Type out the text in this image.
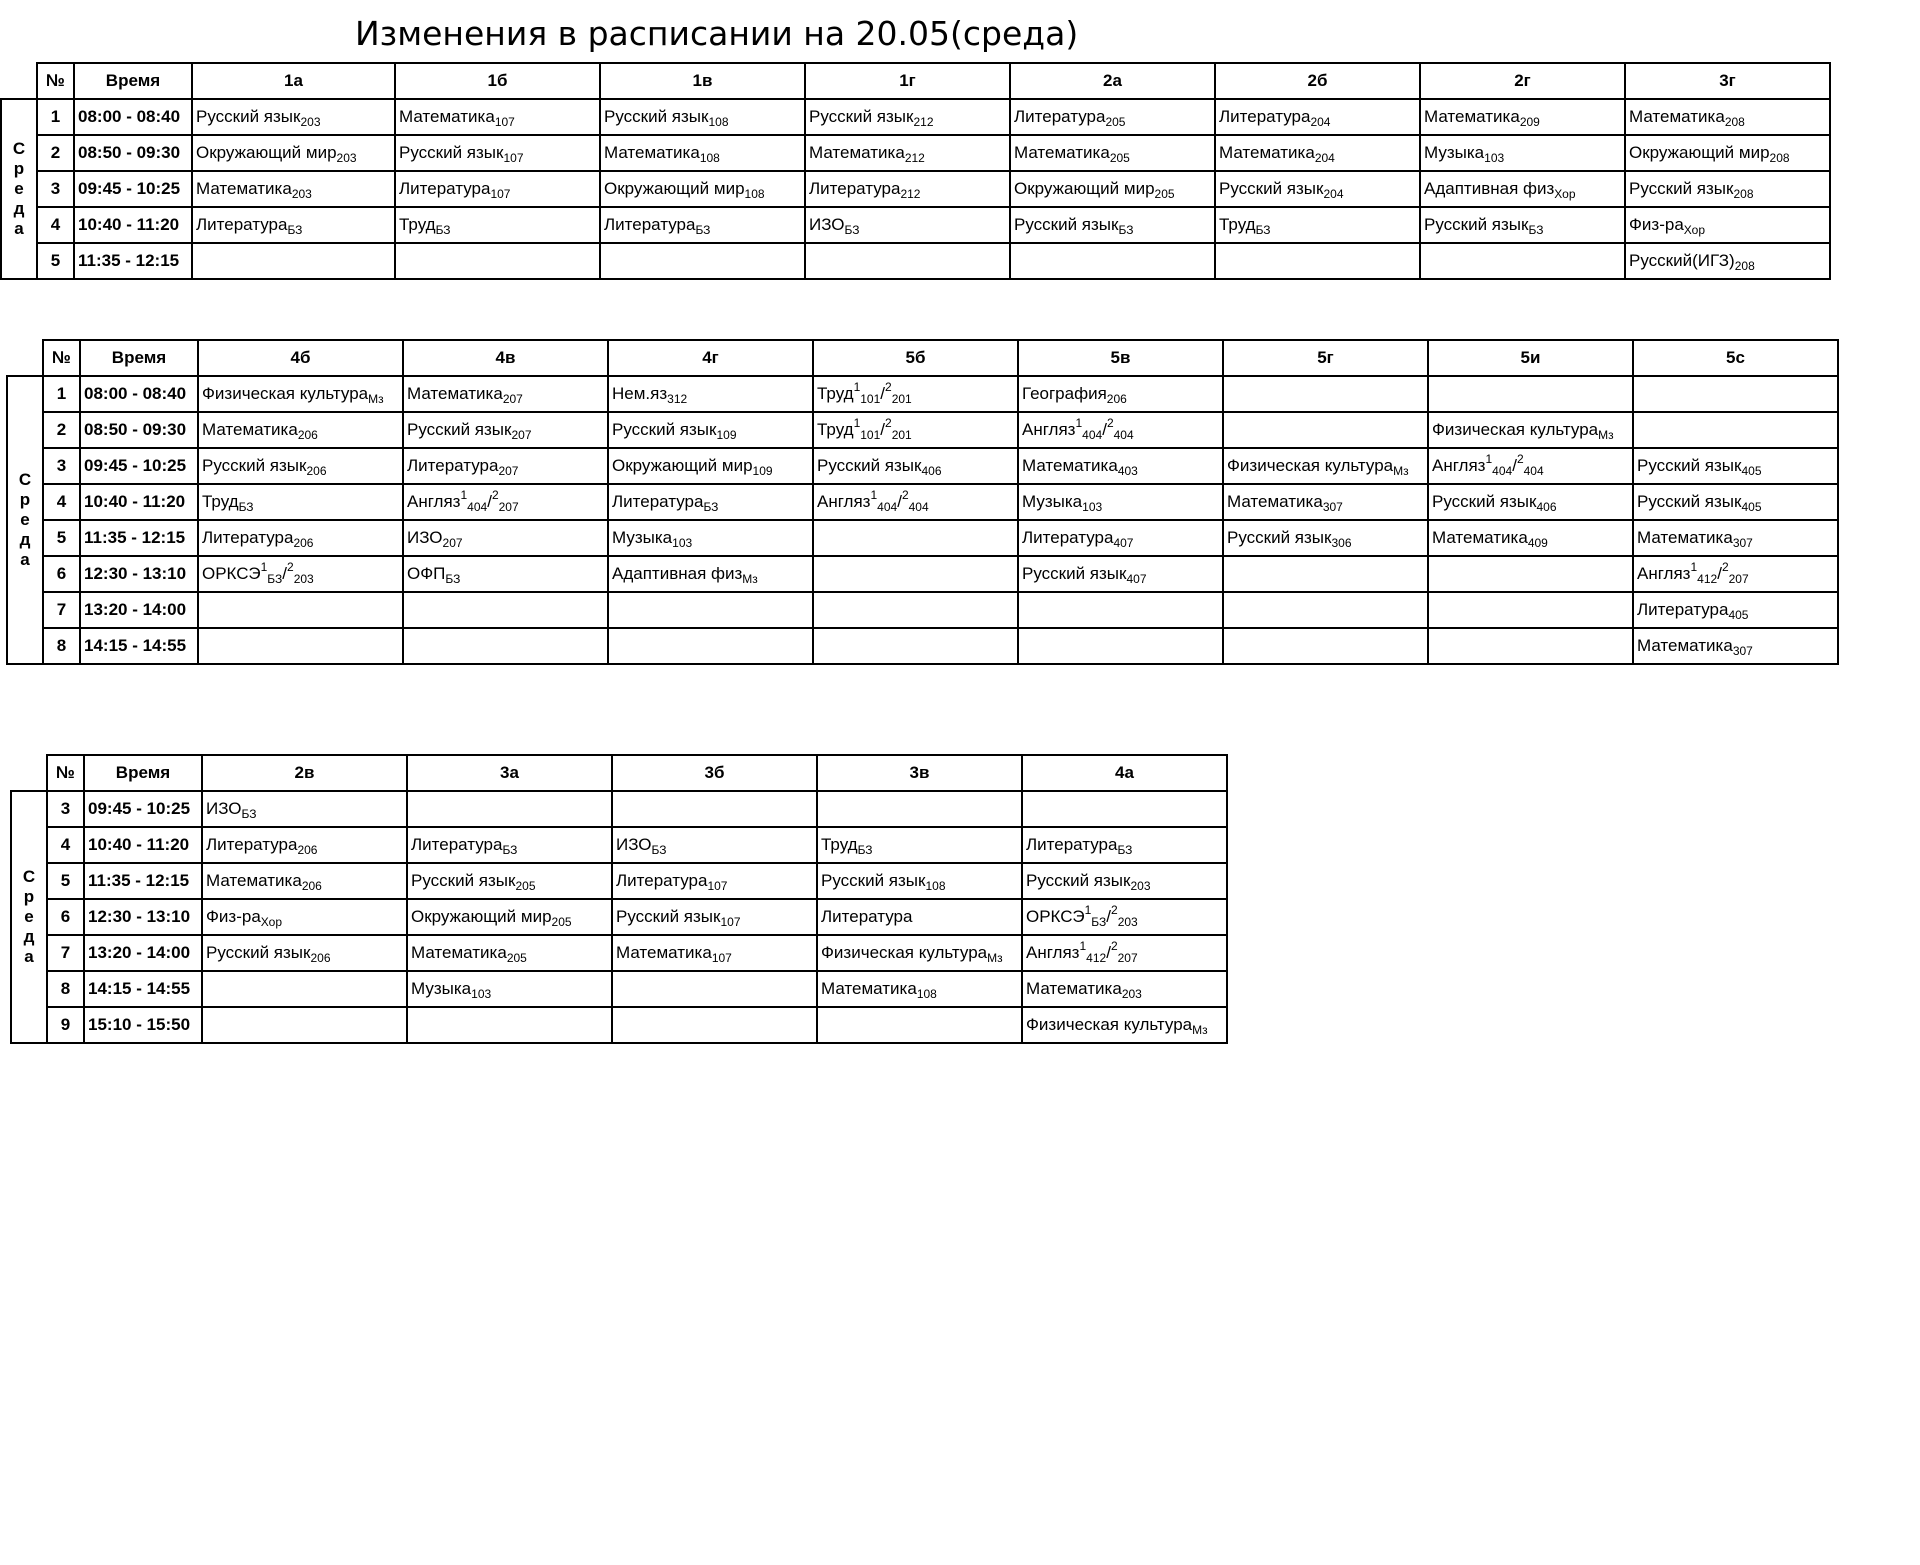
Изменения в расписании на 20.05(среда)
	№	Время	1а	1б	1в	1г	2а	2б	2г	3г

С
р
е
д
а	1	08:00 - 08:40	Русский язык$_{203}$	Математика$_{107}$	Русский язык$_{108}$	Русский язык$_{212}$	Литература$_{205}$	Литература$_{204}$	Математика$_{209}$	Математика$_{208}$
	2	08:50 - 09:30	Окружающий мир$_{203}$	Русский язык$_{107}$	Математика$_{108}$	Математика$_{212}$	Математика$_{205}$	Математика$_{204}$	Музыка$_{103}$	Окружающий мир$_{208}$
	3	09:45 - 10:25	Математика$_{203}$	Литература$_{107}$	Окружающий мир$_{108}$	Литература$_{212}$	Окружающий мир$_{205}$	Русский язык$_{204}$	Адаптивная физ$_{Хор}$	Русский язык$_{208}$
	4	10:40 - 11:20	Литература$_{БЗ}$	Труд$_{БЗ}$	Литература$_{БЗ}$	$ИЗО_{БЗ}$	Русский язык$_{БЗ}$	Труд$_{БЗ}$	Русский язык$_{БЗ}$	Физ-$ра_{Хор}$
	5	11:35 - 12:15								$Русский(ИГЗ)_{208}$
	№	Время	4б	4в	4г	5б	5в	5г	5и	5с

С
р
е
д
а	1	08:00 - 08:40	Физическая культура$_{Мз}$	Математика$_{207}$	$Нем.яз_{312}$	Труд$^1_{101}$/$^2_{201}$	География$_{206}$			
	2	08:50 - 09:30	Математика$_{206}$	Русский язык$_{207}$	Русский язык$_{109}$	Труд$^1_{101}$/$^2_{201}$	Англяз$^1_{404}$/$^2_{404}$		Физическая культура$_{Мз}$	
	3	09:45 - 10:25	Русский язык$_{206}$	Литература$_{207}$	Окружающий мир$_{109}$	Русский язык$_{406}$	Математика$_{403}$	Физическая культура$_{Мз}$	Англяз$^1_{404}$/$^2_{404}$	Русский язык$_{405}$
	4	10:40 - 11:20	Труд$_{БЗ}$	Англяз$^1_{404}$/$^2_{207}$	Литература$_{БЗ}$	Англяз$^1_{404}$/$^2_{404}$	Музыка$_{103}$	Математика$_{307}$	Русский язык$_{406}$	Русский язык$_{405}$
	5	11:35 - 12:15	Литература$_{206}$	$ИЗО_{207}$	Музыка$_{103}$		Литература$_{407}$	Русский язык$_{306}$	Математика$_{409}$	Математика$_{307}$
	6	12:30 - 13:10	$ОРКСЭ^1_{БЗ}/^2_{203}$	$ОФП_{БЗ}$	Адаптивная физ$_{Мз}$		Русский язык$_{407}$			Англяз$^1_{412}$/$^2_{207}$
	7	13:20 - 14:00								Литература$_{405}$
	8	14:15 - 14:55								Математика$_{307}$
	№	Время	2в	3а	3б	3в	4а

С
р
е
д
а	3	09:45 - 10:25	$ИЗО_{БЗ}$				
	4	10:40 - 11:20	Литература$_{206}$	Литература$_{БЗ}$	$ИЗО_{БЗ}$	Труд$_{БЗ}$	Литература$_{БЗ}$
	5	11:35 - 12:15	Математика$_{206}$	Русский язык$_{205}$	Литература$_{107}$	Русский язык$_{108}$	Русский язык$_{203}$
	6	12:30 - 13:10	Физ-$ра_{Хор}$	Окружающий мир$_{205}$	Русский язык$_{107}$	Литература	$ОРКСЭ^1_{БЗ}/^2_{203}$
	7	13:20 - 14:00	Русский язык$_{206}$	Математика$_{205}$	Математика$_{107}$	Физическая культура$_{Мз}$	Англяз$^1_{412}$/$^2_{207}$
	8	14:15 - 14:55		Музыка$_{103}$		Математика$_{108}$	Математика$_{203}$
	9	15:10 - 15:50					Физическая культура$_{Мз}$
